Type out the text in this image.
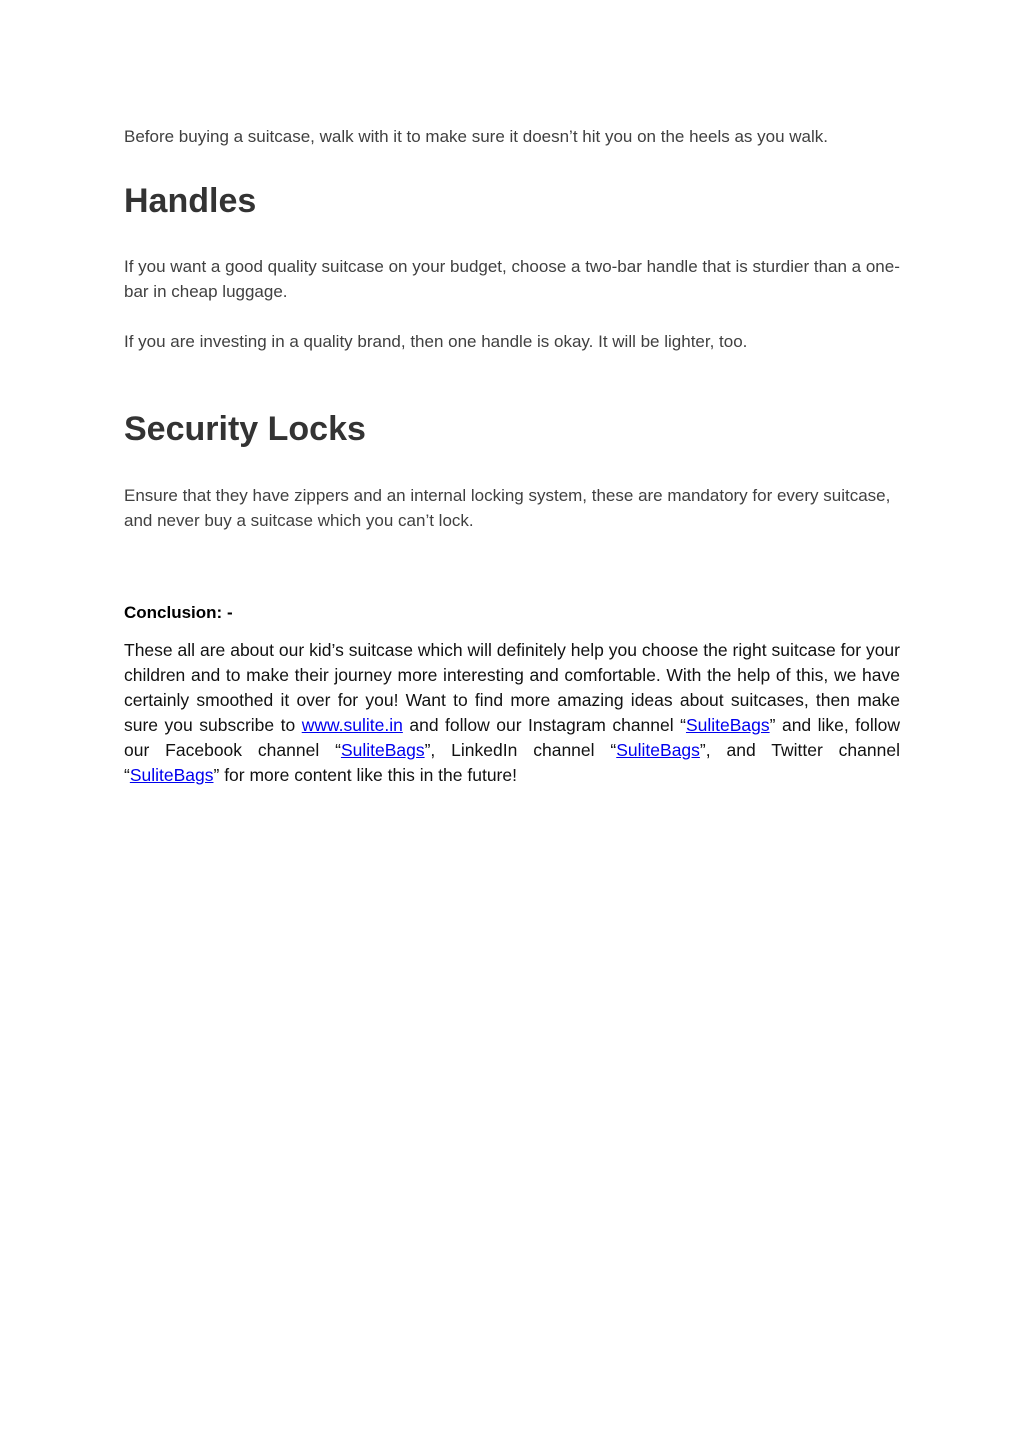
Before buying a suitcase, walk with it to make sure it doesn’t hit you on the heels as you walk.

Handles

If you want a good quality suitcase on your budget, choose a two-bar handle that is sturdier than a one-bar in cheap luggage.

If you are investing in a quality brand, then one handle is okay. It will be lighter, too.

Security Locks

Ensure that they have zippers and an internal locking system, these are mandatory for every suitcase, and never buy a suitcase which you can’t lock.

Conclusion: -

These all are about our kid’s suitcase which will definitely help you choose the right suitcase for your children and to make their journey more interesting and comfortable. With the help of this, we have certainly smoothed it over for you! Want to find more amazing ideas about suitcases, then make sure you subscribe to www.sulite.in and follow our Instagram channel “SuliteBags” and like, follow our Facebook channel “SuliteBags”, LinkedIn channel “SuliteBags”, and Twitter channel “SuliteBags” for more content like this in the future!
